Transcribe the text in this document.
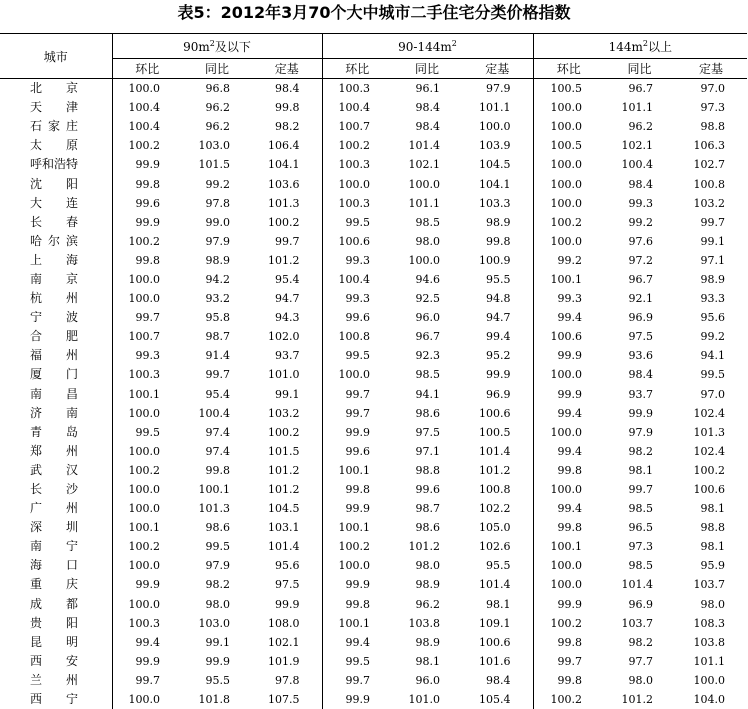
表5：2012年3月70个大中城市二手住宅分类价格指数
城市	$90m^2$及以下			$90-144m^2$			$144m^2$以上		
	环比	同比	定基	环比	同比	定基	环比	同比	定基

北 京	100.0	96.8	98.4	100.3	96.1	97.9	100.5	96.7	97.0

天 津	100.4	96.2	99.8	100.4	98.4	101.1	100.0	101.1	97.3

石 家 庄	100.4	96.2	98.2	100.7	98.4	100.0	100.0	96.2	98.8

太 原	100.2	103.0	106.4	100.2	101.4	103.9	100.5	102.1	106.3

呼 和 浩 特	99.9	101.5	104.1	100.3	102.1	104.5	100.0	100.4	102.7

沈 阳	99.8	99.2	103.6	100.0	100.0	104.1	100.0	98.4	100.8

大 连	99.6	97.8	101.3	100.3	101.1	103.3	100.0	99.3	103.2

长 春	99.9	99.0	100.2	99.5	98.5	98.9	100.2	99.2	99.7

哈 尔 滨	100.2	97.9	99.7	100.6	98.0	99.8	100.0	97.6	99.1

上 海	99.8	98.9	101.2	99.3	100.0	100.9	99.2	97.2	97.1

南 京	100.0	94.2	95.4	100.4	94.6	95.5	100.1	96.7	98.9

杭 州	100.0	93.2	94.7	99.3	92.5	94.8	99.3	92.1	93.3

宁 波	99.7	95.8	94.3	99.6	96.0	94.7	99.4	96.9	95.6

合 肥	100.7	98.7	102.0	100.8	96.7	99.4	100.6	97.5	99.2

福 州	99.3	91.4	93.7	99.5	92.3	95.2	99.9	93.6	94.1

厦 门	100.3	99.7	101.0	100.0	98.5	99.9	100.0	98.4	99.5

南 昌	100.1	95.4	99.1	99.7	94.1	96.9	99.9	93.7	97.0

济 南	100.0	100.4	103.2	99.7	98.6	100.6	99.4	99.9	102.4

青 岛	99.5	97.4	100.2	99.9	97.5	100.5	100.0	97.9	101.3

郑 州	100.0	97.4	101.5	99.6	97.1	101.4	99.4	98.2	102.4

武 汉	100.2	99.8	101.2	100.1	98.8	101.2	99.8	98.1	100.2

长 沙	100.0	100.1	101.2	99.8	99.6	100.8	100.0	99.7	100.6

广 州	100.0	101.3	104.5	99.9	98.7	102.2	99.4	98.5	98.1

深 圳	100.1	98.6	103.1	100.1	98.6	105.0	99.8	96.5	98.8

南 宁	100.2	99.5	101.4	100.2	101.2	102.6	100.1	97.3	98.1

海 口	100.0	97.9	95.6	100.0	98.0	95.5	100.0	98.5	95.9

重 庆	99.9	98.2	97.5	99.9	98.9	101.4	100.0	101.4	103.7

成 都	100.0	98.0	99.9	99.8	96.2	98.1	99.9	96.9	98.0

贵 阳	100.3	103.0	108.0	100.1	103.8	109.1	100.2	103.7	108.3

昆 明	99.4	99.1	102.1	99.4	98.9	100.6	99.8	98.2	103.8

西 安	99.9	99.9	101.9	99.5	98.1	101.6	99.7	97.7	101.1

兰 州	99.7	95.5	97.8	99.7	96.0	98.4	99.8	98.0	100.0

西 宁	100.0	101.8	107.5	99.9	101.0	105.4	100.2	101.2	104.0
